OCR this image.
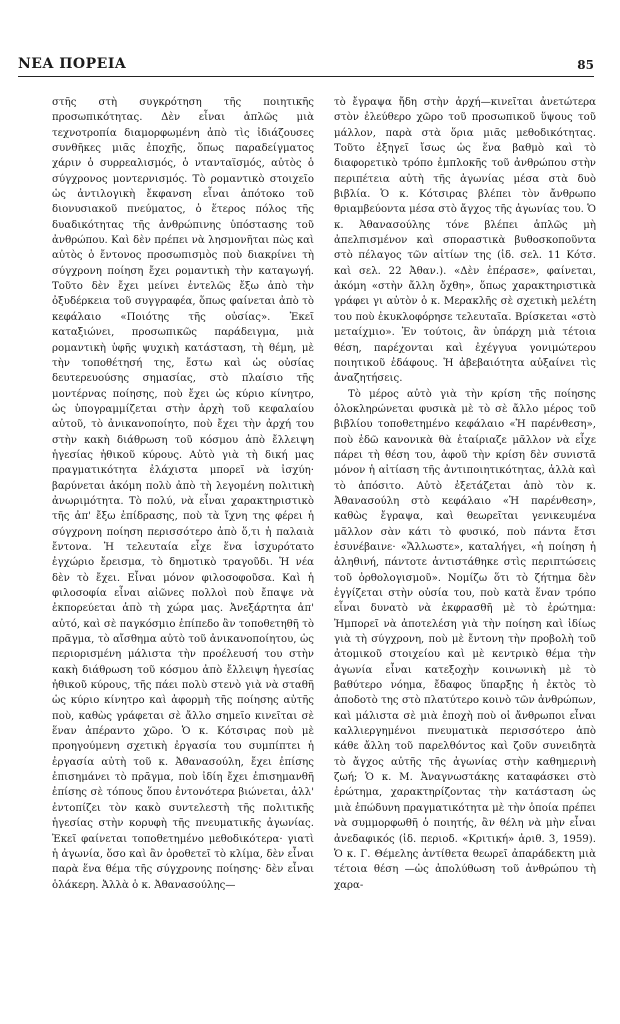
ΝΕΑ ΠΟΡΕΙΑ	85

στῆς στὴ συγκρότηση τῆς ποιητικῆς προσωπικότητας. Δὲν εἶναι ἁπλῶς μιὰ τεχνοτροπία διαμορφωμένη ἀπὸ τὶς ἰδιάζουσες συνθῆκες μιᾶς ἐποχῆς, ὅπως παραδείγματος χάριν ὁ συρρεαλισμός, ὁ ντανταϊσμός, αὐτὸς ὁ σύγχρονος μοντερνισμός. Τὸ ρομαντικὸ στοιχεῖο ὡς ἀντιλογικὴ ἔκφανση εἶναι ἀπότοκο τοῦ διονυσιακοῦ πνεύματος, ὁ ἕτερος πόλος τῆς δυαδικότητας τῆς ἀνθρώπινης ὑπόστασης τοῦ ἀνθρώπου. Καὶ δὲν πρέπει νὰ λησμονῆται πὼς καὶ αὐτὸς ὁ ἔντονος προσωπισμὸς ποὺ διακρίνει τὴ σύγχρονη ποίηση ἔχει ρομαντικὴ τὴν καταγωγή. Τοῦτο δὲν ἔχει μείνει ἐντελῶς ἔξω ἀπὸ τὴν ὀξυδέρκεια τοῦ συγγραφέα, ὅπως φαίνεται ἀπὸ τὸ κεφάλαιο «Ποιότης τῆς οὐσίας». Ἐκεῖ καταξιώνει, προσωπικῶς παράδειγμα, μιὰ ρομαντικὴ ὑφῆς ψυχικὴ κατάσταση, τὴ θέμη, μὲ τὴν τοποθέτησή της, ἔστω καὶ ὡς οὐσίας δευτερευούσης σημασίας, στὸ πλαίσιο τῆς μοντέρνας ποίησης, ποὺ ἔχει ὡς κύριο κίνητρο, ὡς ὑπογραμμίζεται στὴν ἀρχὴ τοῦ κεφαλαίου αὐτοῦ, τὸ ἀνικανοποίητο, ποὺ ἔχει τὴν ἀρχή του στὴν κακὴ διάθρωση τοῦ κόσμου ἀπὸ ἔλλειψη ἡγεσίας ἠθικοῦ κύρους. Αὐτὸ γιὰ τὴ δική μας πραγματικότητα ἐλάχιστα μπορεῖ νὰ ἰσχύη· βαρύνεται ἀκόμη πολὺ ἀπὸ τὴ λεγομένη πολιτικὴ ἀνωριμότητα. Τὸ πολύ, νὰ εἶναι χαρακτηριστικὸ τῆς ἀπ' ἔξω ἐπίδρασης, ποὺ τὰ ἴχνη της φέρει ἡ σύγχρονη ποίηση περισσότερο ἀπὸ ὅ,τι ἡ παλαιὰ ἔντονα. Ἡ τελευταία εἶχε ἕνα ἰσχυρότατο ἐγχώριο ἔρεισμα, τὸ δημοτικὸ τραγοῦδι. Ἡ νέα δὲν τὸ ἔχει. Εἶναι μόνον φιλοσοφοῦσα. Καὶ ἡ φιλοσοφία εἶναι αἰῶνες πολλοὶ ποὺ ἔπαψε νὰ ἐκπορεύεται ἀπὸ τὴ χώρα μας. Ἀνεξάρτητα ἀπ' αὐτό, καὶ σὲ παγκόσμιο ἐπίπεδο ἂν τοποθετηθῆ τὸ πρᾶγμα, τὸ αἴσθημα αὐτὸ τοῦ ἀνικανοποίητου, ὡς περιορισμένη μάλιστα τὴν προέλευσή του στὴν κακὴ διάθρωση τοῦ κόσμου ἀπὸ ἔλλειψη ἡγεσίας ἠθικοῦ κύρους, τῆς πάει πολὺ στενὸ γιὰ νὰ σταθῆ ὡς κύριο κίνητρο καὶ ἀφορμὴ τῆς ποίησης αὐτῆς ποὺ, καθὼς γράφεται σὲ ἄλλο σημεῖο κινεῖται σὲ ἕναν ἀπέραντο χῶρο. Ὁ κ. Κότσιρας ποὺ μὲ προηγούμενη σχετικὴ ἐργασία του συμπίπτει ἡ ἐργασία αὐτὴ τοῦ κ. Ἀθανασούλη, ἔχει ἐπίσης ἐπισημάνει τὸ πρᾶγμα, ποὺ ἰδίη ἔχει ἐπισημανθῆ ἐπίσης σὲ τόπους ὅπου ἐντονότερα βιώνεται, ἀλλ' ἐντοπίζει τὸν κακὸ συντελεστὴ τῆς πολιτικῆς ἡγεσίας στὴν κορυφὴ τῆς πνευματικῆς ἀγωνίας. Ἐκεῖ φαίνεται τοποθετημένο μεθοδικότερα· γιατὶ ἡ ἀγωνία, ὅσο καὶ ἂν ὁροθετεῖ τὸ κλίμα, δὲν εἶναι παρὰ ἕνα θέμα τῆς σύγχρονης ποίησης· δὲν εἶναι ὁλάκερη. Ἀλλὰ ὁ κ. Ἀθανασούλης—

τὸ ἔγραψα ἤδη στὴν ἀρχή—κινεῖται ἀνετώτερα στὸν ἐλεύθερο χῶρο τοῦ προσωπικοῦ ὕψους τοῦ μάλλον, παρὰ στὰ ὅρια μιᾶς μεθοδικότητας. Τοῦτο ἐξηγεῖ ἴσως ὡς ἕνα βαθμὸ καὶ τὸ διαφορετικὸ τρόπο ἐμπλοκῆς τοῦ ἀνθρώπου στὴν περιπέτεια αὐτὴ τῆς ἀγωνίας μέσα στὰ δυὸ βιβλία. Ὁ κ. Κότσιρας βλέπει τὸν ἄνθρωπο θριαμβεύοντα μέσα στὸ ἄγχος τῆς ἀγωνίας του. Ὁ κ. Ἀθανασούλης τόνε βλέπει ἁπλῶς μὴ ἀπελπισμένον καὶ σποραστικὰ βυθοσκοποῦντα στὸ πέλαγος τῶν αἰτίων της (ἰδ. σελ. 11 Κότσ. καὶ σελ. 22 Ἀθαν.). «Δὲν ἐπέρασε», φαίνεται, ἀκόμη «στὴν ἄλλη ὄχθη», ὅπως χαρακτηριστικὰ γράφει γι αὐτὸν ὁ κ. Μερακλῆς σὲ σχετικὴ μελέτη του ποὺ ἐκυκλοφόρησε τελευταῖα. Βρίσκεται «στὸ μεταίχμιο». Ἐν τούτοις, ἂν ὑπάρχη μιὰ τέτοια θέση, παρέχονται καὶ ἐχέγγυα γονιμώτερου ποιητικοῦ ἐδάφους. Ἡ ἀβεβαιότητα αὐξαίνει τὶς ἀναζητήσεις.

Τὸ μέρος αὐτὸ γιὰ τὴν κρίση τῆς ποίησης ὁλοκληρώνεται φυσικὰ μὲ τὸ σὲ ἄλλο μέρος τοῦ βιβλίου τοποθετημένο κεφάλαιο «Ἡ παρένθεση», ποὺ ἐδῶ κανονικὰ θὰ ἐταίριαζε μᾶλλον νὰ εἶχε πάρει τὴ θέση του, ἀφοῦ τὴν κρίση δὲν συνιστᾶ μόνον ἡ αἰτίαση τῆς ἀντιποιητικότητας, ἀλλὰ καὶ τὸ ἀπόσιτο. Αὐτὸ ἐξετάζεται ἀπὸ τὸν κ. Ἀθανασούλη στὸ κεφάλαιο «Ἡ παρένθεση», καθὼς ἔγραψα, καὶ θεωρεῖται γενικευμένα μᾶλλον σὰν κάτι τὸ φυσικό, ποὺ πάντα ἔτσι ἐσυνέβαινε· «Ἄλλωστε», καταλήγει, «ἡ ποίηση ἡ ἀληθινή, πάντοτε ἀντιστάθηκε στὶς περιπτώσεις τοῦ ὀρθολογισμοῦ». Νομίζω ὅτι τὸ ζήτημα δὲν ἐγγίζεται στὴν οὐσία του, ποὺ κατὰ ἕναν τρόπο εἶναι δυνατὸ νὰ ἐκφρασθῆ μὲ τὸ ἐρώτημα: Ἠμπορεῖ νὰ ἀποτελέση γιὰ τὴν ποίηση καὶ ἰδίως γιὰ τὴ σύγχρονη, ποὺ μὲ ἔντονη τὴν προβολὴ τοῦ ἀτομικοῦ στοιχείου καὶ μὲ κεντρικὸ θέμα τὴν ἀγωνία εἶναι κατεξοχὴν κοινωνικὴ μὲ τὸ βαθύτερο νόημα, ἔδαφος ὕπαρξης ἡ ἐκτὸς τὸ ἀποδοτὸ της στὸ πλατύτερο κοινὸ τῶν ἀνθρώπων, καὶ μάλιστα σὲ μιὰ ἐποχὴ ποὺ οἱ ἄνθρωποι εἶναι καλλιεργημένοι πνευματικὰ περισσότερο ἀπὸ κάθε ἄλλη τοῦ παρελθόντος καὶ ζοῦν συνειδητὰ τὸ ἄγχος αὐτῆς τῆς ἀγωνίας στὴν καθημερινὴ ζωή; Ὁ κ. Μ. Ἀναγνωστάκης καταφάσκει στὸ ἐρώτημα, χαρακτηρίζοντας τὴν κατάσταση ὡς μιὰ ἐπώδυνη πραγματικότητα μὲ τὴν ὁποία πρέπει νὰ συμμορφωθῆ ὁ ποιητής, ἂν θέλη νὰ μὴν εἶναι ἀνεδαφικός (ἰδ. περιοδ. «Κριτική» ἀριθ. 3, 1959). Ὁ κ. Γ. Θέμελης ἀντίθετα θεωρεῖ ἀπαράδεκτη μιὰ τέτοια θέση —ὡς ἀπολύθωση τοῦ ἀνθρώπου τὴ χαρα-
